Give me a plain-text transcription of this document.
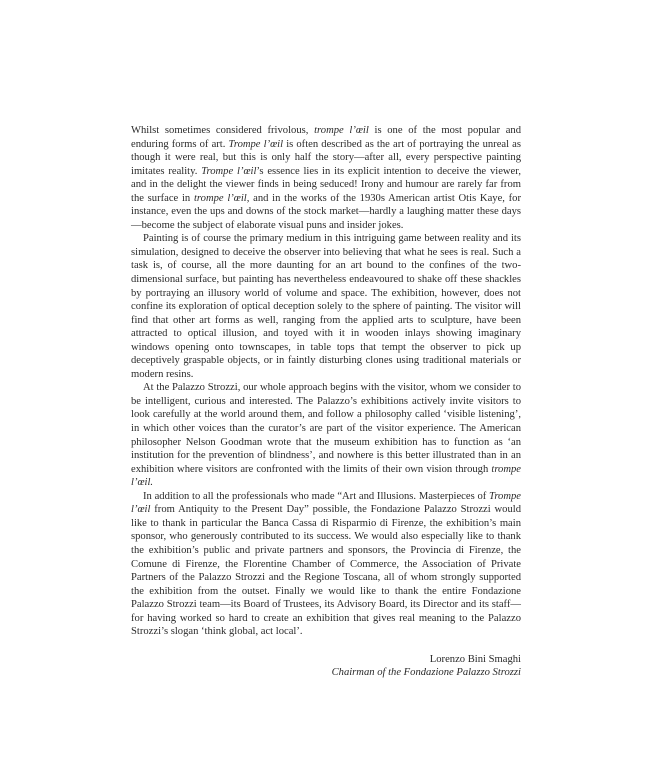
Whilst sometimes considered frivolous, trompe l’œil is one of the most popular and enduring forms of art. Trompe l’œil is often described as the art of portraying the unreal as though it were real, but this is only half the story—after all, every perspective painting imitates reality. Trompe l’œil’s essence lies in its explicit intention to deceive the viewer, and in the delight the viewer finds in being seduced! Irony and humour are rarely far from the surface in trompe l’œil, and in the works of the 1930s American artist Otis Kaye, for instance, even the ups and downs of the stock market—hardly a laughing matter these days—become the subject of elaborate visual puns and insider jokes.

Painting is of course the primary medium in this intriguing game between reality and its simulation, designed to deceive the observer into believing that what he sees is real. Such a task is, of course, all the more daunting for an art bound to the confines of the two-dimensional surface, but painting has nevertheless endeavoured to shake off these shackles by portraying an illusory world of volume and space. The exhibition, however, does not confine its exploration of optical deception solely to the sphere of painting. The visitor will find that other art forms as well, ranging from the applied arts to sculpture, have been attracted to optical illusion, and toyed with it in wooden inlays showing imaginary windows opening onto townscapes, in table tops that tempt the observer to pick up deceptively graspable objects, or in faintly disturbing clones using traditional materials or modern resins.

At the Palazzo Strozzi, our whole approach begins with the visitor, whom we consider to be intelligent, curious and interested. The Palazzo’s exhibitions actively invite visitors to look carefully at the world around them, and follow a philosophy called ‘visible listening’, in which other voices than the curator’s are part of the visitor experience. The American philosopher Nelson Goodman wrote that the museum exhibition has to function as ‘an institution for the prevention of blindness’, and nowhere is this better illustrated than in an exhibition where visitors are confronted with the limits of their own vision through trompe l’œil.

In addition to all the professionals who made “Art and Illusions. Masterpieces of Trompe l’œil from Antiquity to the Present Day” possible, the Fondazione Palazzo Strozzi would like to thank in particular the Banca Cassa di Risparmio di Firenze, the exhibition’s main sponsor, who generously contributed to its success. We would also especially like to thank the exhibition’s public and private partners and sponsors, the Provincia di Firenze, the Comune di Firenze, the Florentine Chamber of Commerce, the Association of Private Partners of the Palazzo Strozzi and the Regione Toscana, all of whom strongly supported the exhibition from the outset. Finally we would like to thank the entire Fondazione Palazzo Strozzi team—its Board of Trustees, its Advisory Board, its Director and its staff—for having worked so hard to create an exhibition that gives real meaning to the Palazzo Strozzi’s slogan ‘think global, act local’.

Lorenzo Bini Smaghi
Chairman of the Fondazione Palazzo Strozzi
